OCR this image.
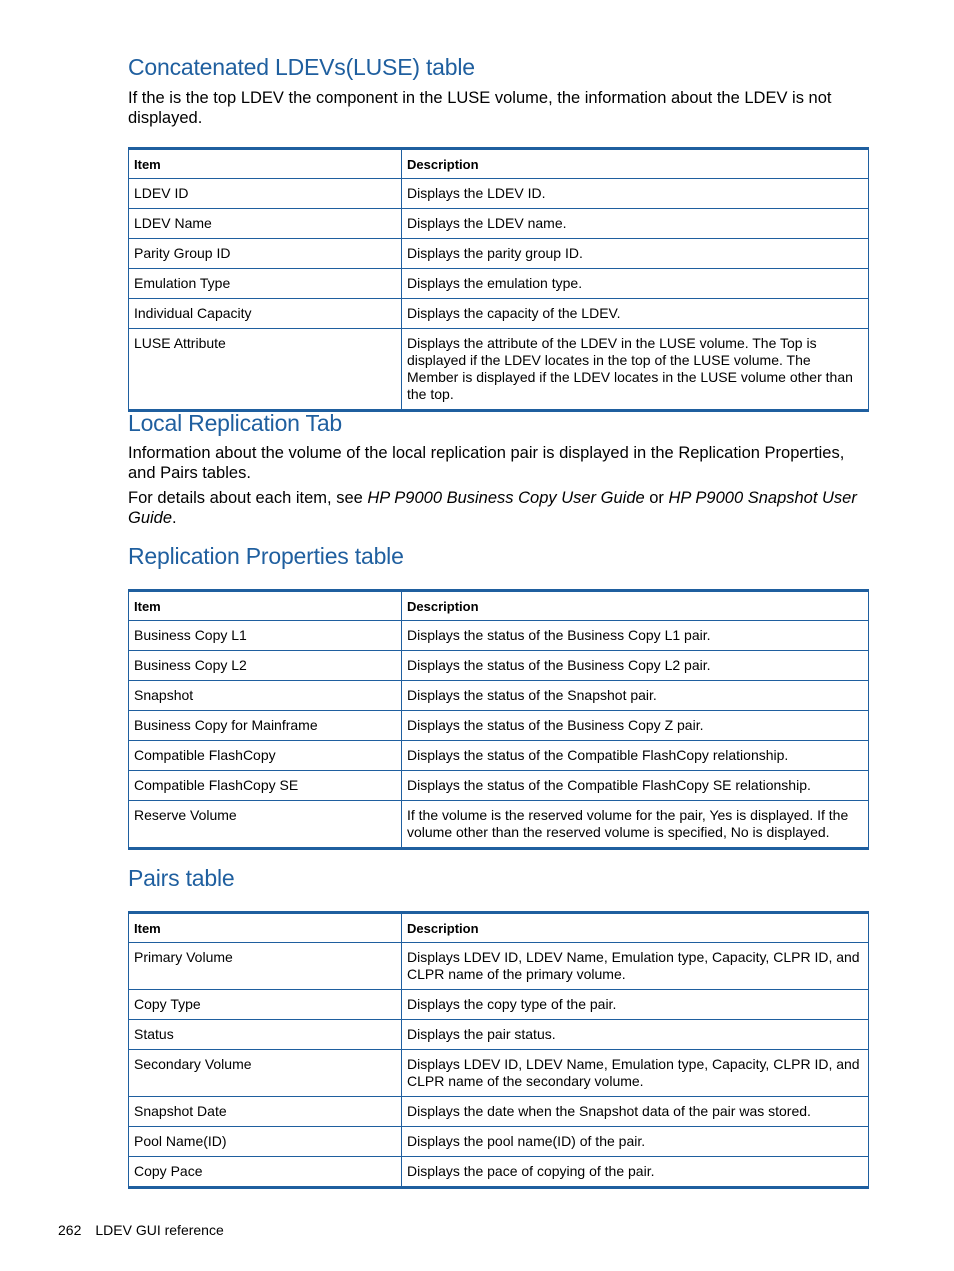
Concatenated LDEVs(LUSE) table

If the is the top LDEV the component in the LUSE volume, the information about the LDEV is not displayed.

Item	Description
LDEV ID	Displays the LDEV ID.
LDEV Name	Displays the LDEV name.
Parity Group ID	Displays the parity group ID.
Emulation Type	Displays the emulation type.
Individual Capacity	Displays the capacity of the LDEV.
LUSE Attribute	Displays the attribute of the LDEV in the LUSE volume. The Top is displayed if the LDEV locates in the top of the LUSE volume. The Member is displayed if the LDEV locates in the LUSE volume other than the top.
Local Replication Tab

Information about the volume of the local replication pair is displayed in the Replication Properties, and Pairs tables.

For details about each item, see HP P9000 Business Copy User Guide or HP P9000 Snapshot User Guide.

Replication Properties table
Item	Description
Business Copy L1	Displays the status of the Business Copy L1 pair.
Business Copy L2	Displays the status of the Business Copy L2 pair.
Snapshot	Displays the status of the Snapshot pair.
Business Copy for Mainframe	Displays the status of the Business Copy Z pair.
Compatible FlashCopy	Displays the status of the Compatible FlashCopy relationship.
Compatible FlashCopy SE	Displays the status of the Compatible FlashCopy SE relationship.
Reserve Volume	If the volume is the reserved volume for the pair, Yes is displayed. If the volume other than the reserved volume is specified, No is displayed.
Pairs table
Item	Description
Primary Volume	Displays LDEV ID, LDEV Name, Emulation type, Capacity, CLPR ID, and CLPR name of the primary volume.
Copy Type	Displays the copy type of the pair.
Status	Displays the pair status.
Secondary Volume	Displays LDEV ID, LDEV Name, Emulation type, Capacity, CLPR ID, and CLPR name of the secondary volume.
Snapshot Date	Displays the date when the Snapshot data of the pair was stored.
Pool Name(ID)	Displays the pool name(ID) of the pair.
Copy Pace	Displays the pace of copying of the pair.
262 LDEV GUI reference
